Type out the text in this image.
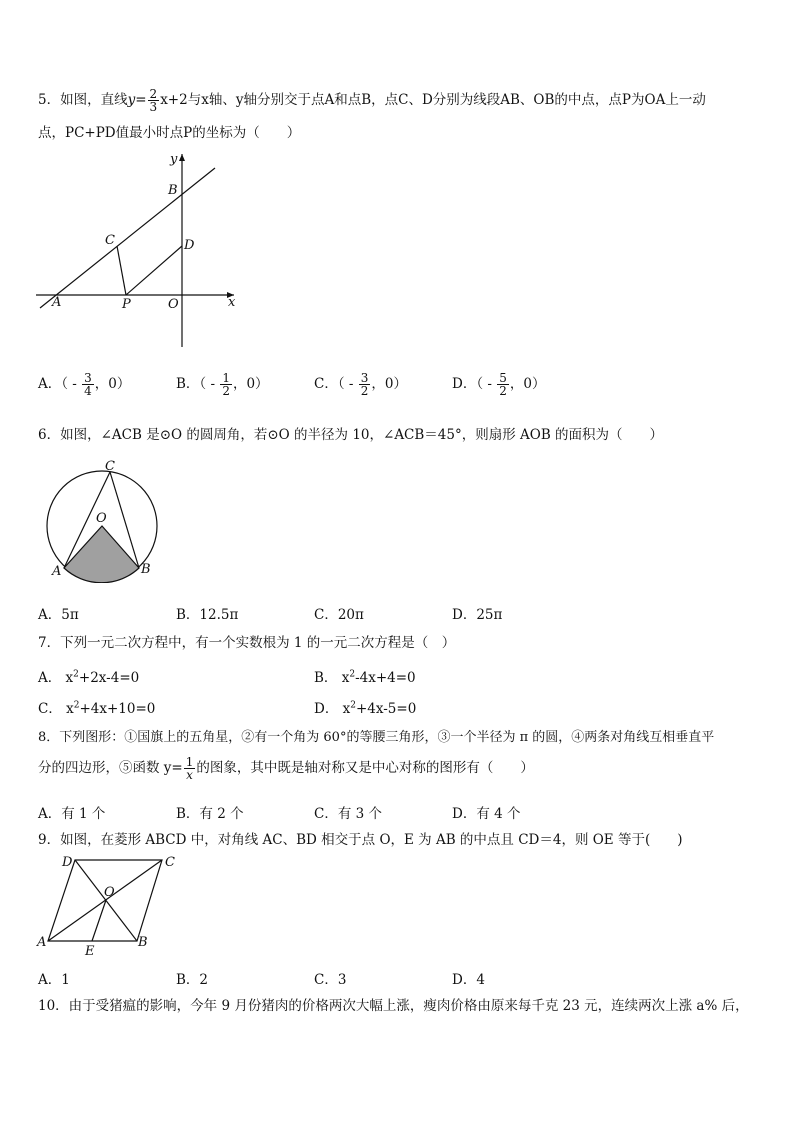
5．如图，直线$y= \frac{2}{3} x+2$与x轴、y轴分别交于点A和点B，点C、D分别为线段AB、OB的中点，点P为OA上一动
点，PC+PD值最小时点P的坐标为（　　）
y
x
B
C	D
A	P	O
A．（ - $\frac{3}{4}$ ，0）	B．（ - $\frac{1}{2}$ ，0）	C．（ - $\frac{3}{2}$ ，0）	D．（ - $\frac{5}{2}$ ，0）
6．如图，∠ACB 是⊙O 的圆周角，若⊙O 的半径为 10，∠ACB＝45°，则扇形 AOB 的面积为（　　）
C
O
A	B
A．5π	B．12.5π	C．20π	D．25π
7．下列一元二次方程中，有一个实数根为 1 的一元二次方程是（　）
A． $x^2+2x-4=0$	B． $x^2-4x+4=0$
C． $x^2+4x+10=0$	D． $x^2+4x-5=0$
8．下列图形：①国旗上的五角星，②有一个角为 60°的等腰三角形，③一个半径为 π 的圆，④两条对角线互相垂直平
分的四边形，⑤函数 $y= \frac{1}{x}$ 的图象，其中既是轴对称又是中心对称的图形有（　　）
A．有 1 个	B．有 2 个	C．有 3 个	D．有 4 个
9．如图，在菱形 ABCD 中，对角线 AC、BD 相交于点 O，E 为 AB 的中点且 CD＝4，则 OE 等于(　　)
D	C
O
A
E
B
A．1	B．2	C．3	D．4
10．由于受猪瘟的影响，今年 9 月份猪肉的价格两次大幅上涨，瘦肉价格由原来每千克 23 元，连续两次上涨 a% 后，
